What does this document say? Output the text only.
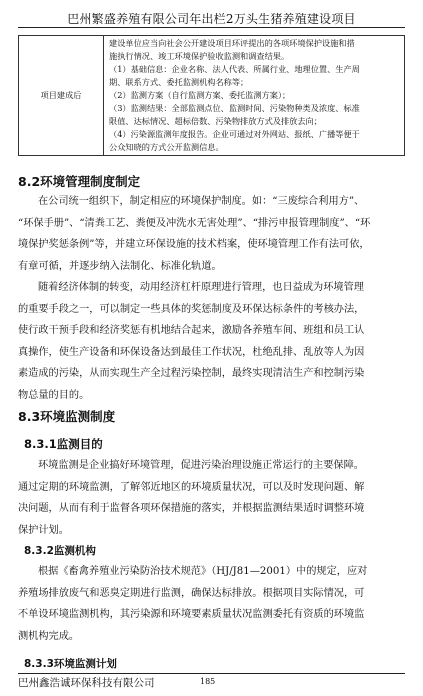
巴州繁盛养殖有限公司年出栏2万头生猪养殖建设项目
项目建成后	
建设单位应当向社会公开建设项目环评提出的各项环境保护设施和措
施执行情况、竣工环境保护验收监测和调查结果。
（1）基础信息：企业名称、法人代表、所属行业、地理位置、生产周
期、联系方式、委托监测机构名称等；
（2）监测方案（自行监测方案、委托监测方案）；
（3）监测结果：全部监测点位、监测时间、污染物种类及浓度、标准
限值、达标情况、超标倍数、污染物排放方式及排放去向；
（4）污染源监测年度报告。企业可通过对外网站、报纸、广播等便于
公众知晓的方式公开监测信息。
8.2环境管理制度制定
在公司统一组织下，制定相应的环境保护制度。如：“三废综合利用方”、
“环保手册”、“清粪工艺、粪便及冲洗水无害处理”、“排污申报管理制度”、“环
境保护奖惩条例”等，并建立环保设施的技术档案，使环境管理工作有法可依，
有章可循，并逐步纳入法制化、标准化轨道。
随着经济体制的转变，动用经济杠杆原理进行管理，也日益成为环境管理
的重要手段之一，可以制定一些具体的奖惩制度及环保达标条件的考核办法，
使行政干预手段和经济奖惩有机地结合起来，激励各养殖车间、班组和员工认
真操作，使生产设备和环保设备达到最佳工作状况，杜绝乱排、乱放等人为因
素造成的污染，从而实现生产全过程污染控制，最终实现清洁生产和控制污染
物总量的目的。
8.3环境监测制度
8.3.1监测目的
环境监测是企业搞好环境管理，促进污染治理设施正常运行的主要保障。
通过定期的环境监测，了解邻近地区的环境质量状况，可以及时发现问题、解
决问题，从而有利于监督各项环保措施的落实，并根据监测结果适时调整环境
保护计划。
8.3.2监测机构
根据《畜禽养殖业污染防治技术规范》（HJ/J81—2001）中的规定，应对
养殖场排放废气和恶臭定期进行监测，确保达标排放。根据项目实际情况，可
不单设环境监测机构，其污染源和环境要素质量状况监测委托有资质的环境监
测机构完成。
8.3.3环境监测计划
巴州鑫浩诚环保科技有限公司	185
